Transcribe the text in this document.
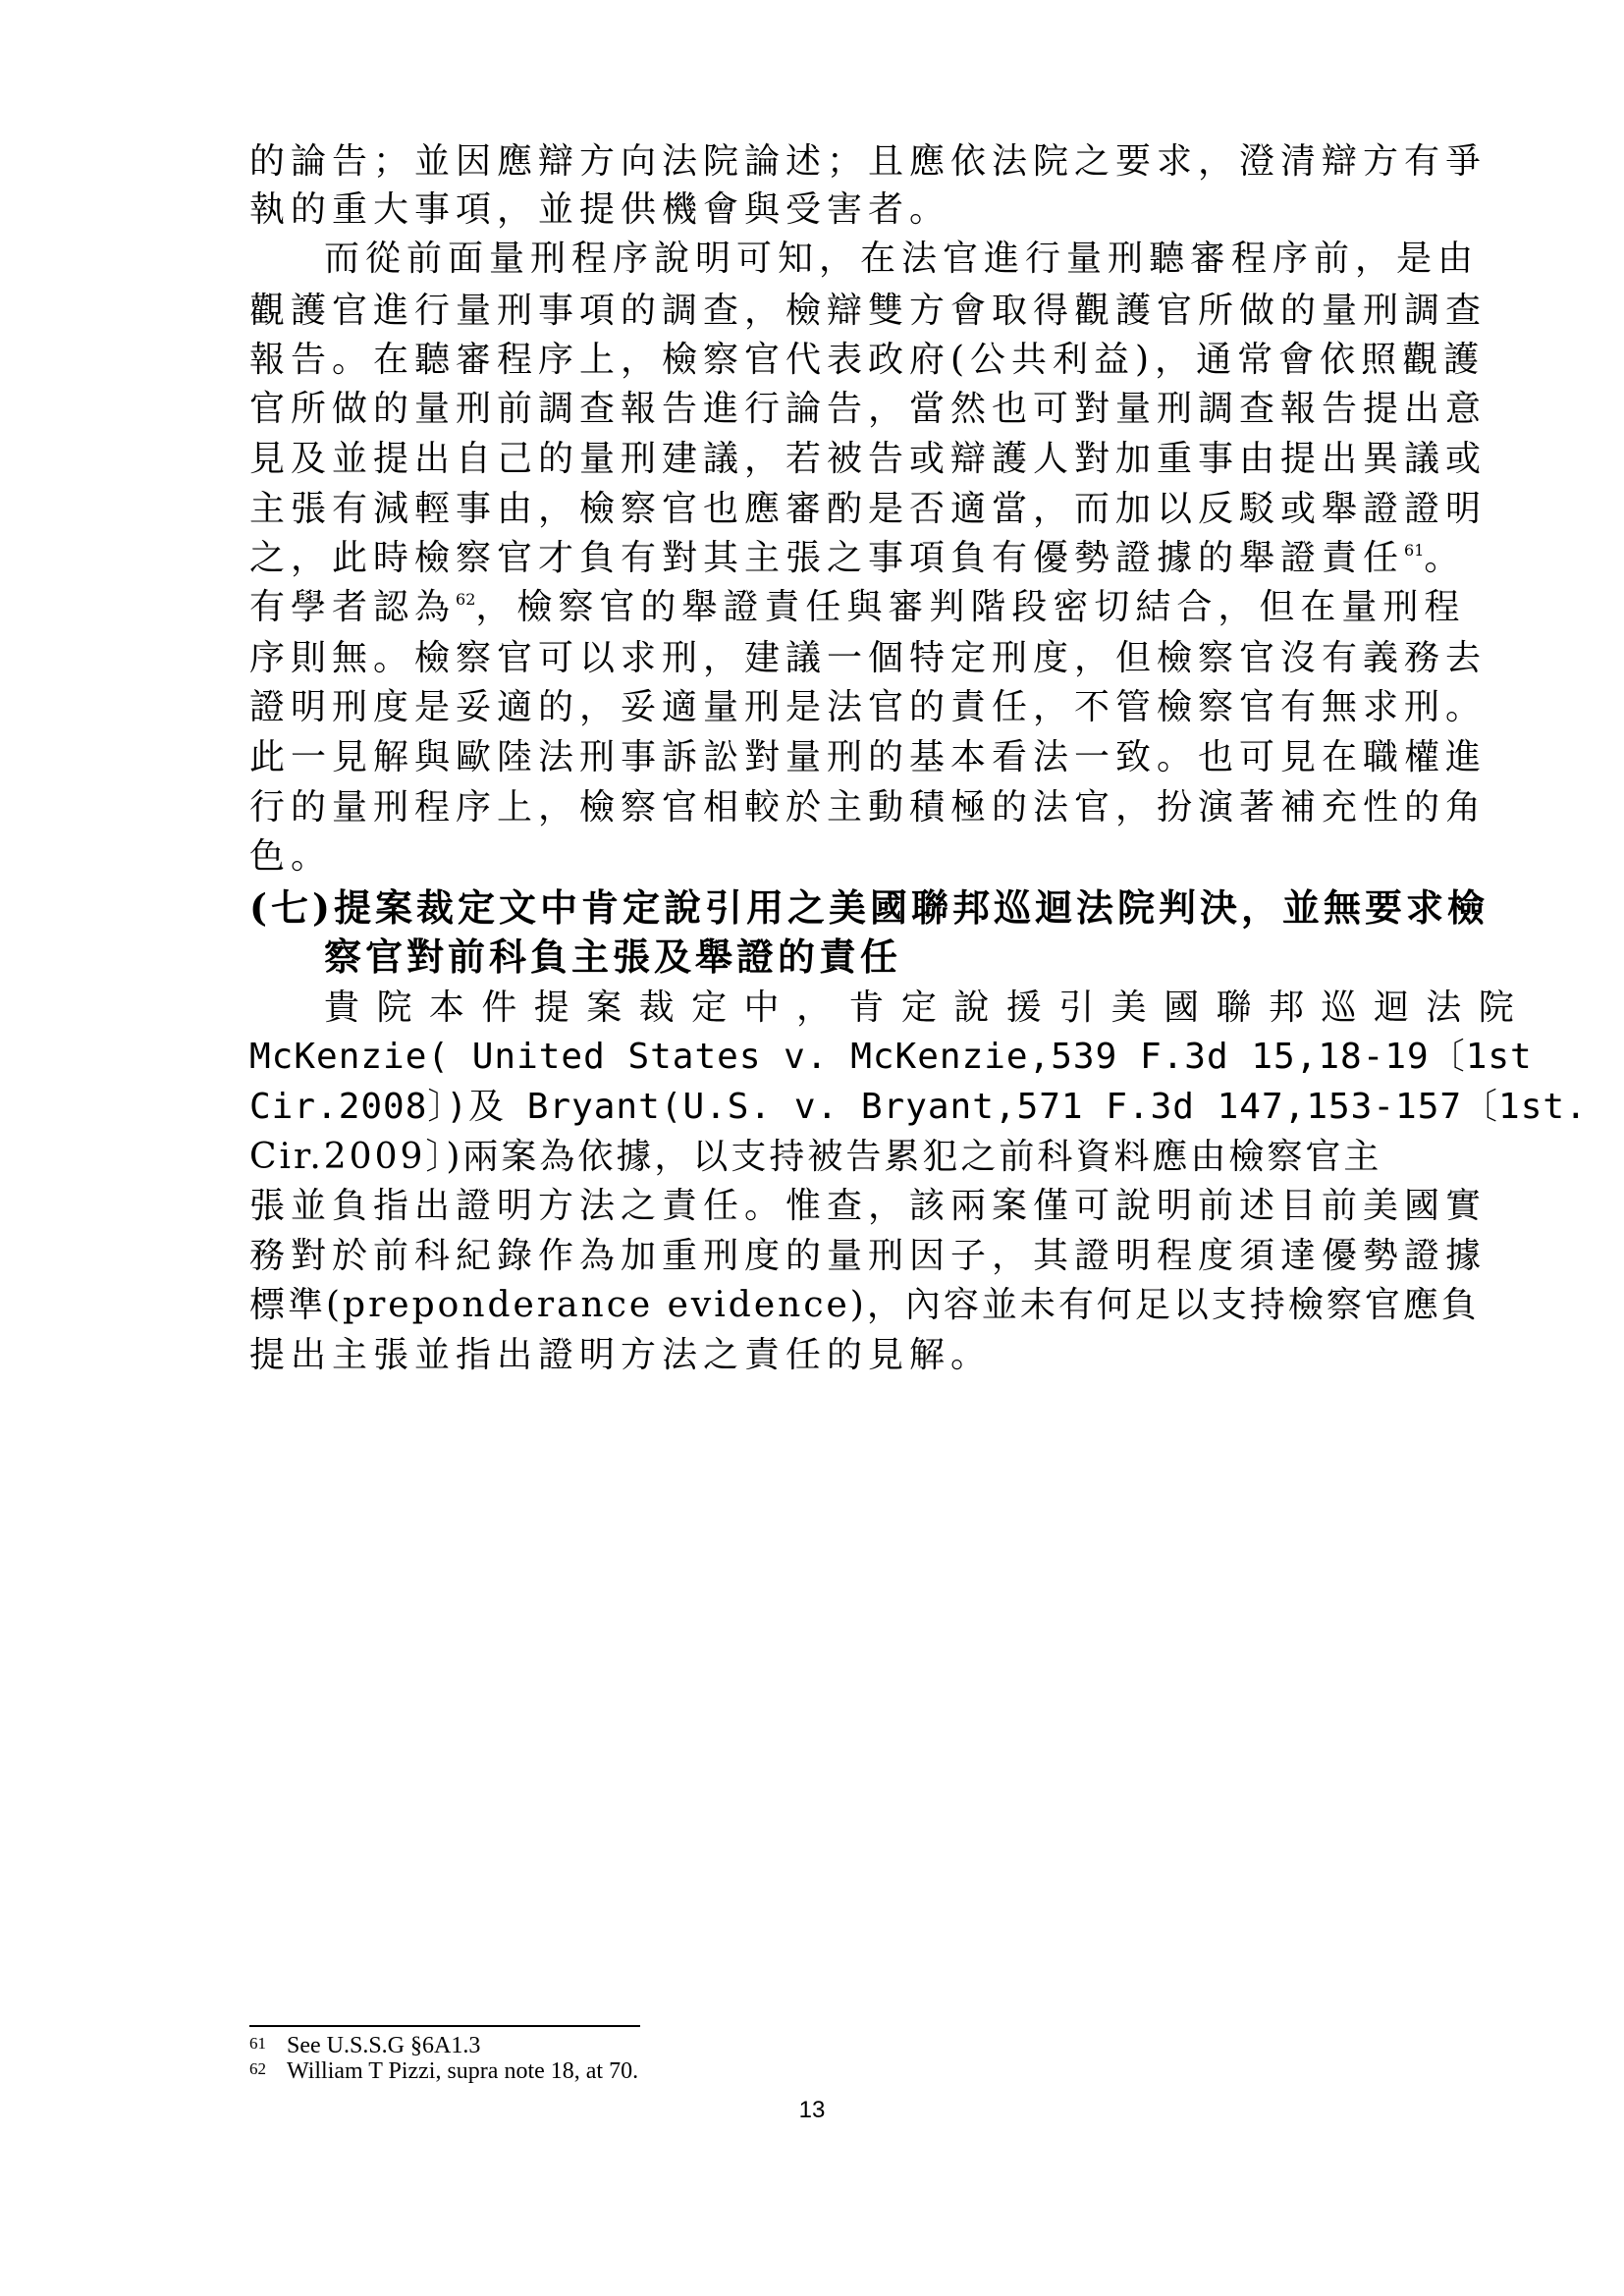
的論告；並因應辯方向法院論述；且應依法院之要求，澄清辯方有爭
執的重大事項，並提供機會與受害者。
而從前面量刑程序說明可知，在法官進行量刑聽審程序前，是由
觀護官進行量刑事項的調查，檢辯雙方會取得觀護官所做的量刑調查
報告。在聽審程序上，檢察官代表政府(公共利益)，通常會依照觀護
官所做的量刑前調查報告進行論告，當然也可對量刑調查報告提出意
見及並提出自己的量刑建議，若被告或辯護人對加重事由提出異議或
主張有減輕事由，檢察官也應審酌是否適當，而加以反駁或舉證證明
之，此時檢察官才負有對其主張之事項負有優勢證據的舉證責任$^{61}$。
有學者認為$^{62}$，檢察官的舉證責任與審判階段密切結合，但在量刑程
序則無。檢察官可以求刑，建議一個特定刑度，但檢察官沒有義務去
證明刑度是妥適的，妥適量刑是法官的責任，不管檢察官有無求刑。
此一見解與歐陸法刑事訴訟對量刑的基本看法一致。也可見在職權進
行的量刑程序上，檢察官相較於主動積極的法官，扮演著補充性的角
色。
(七)提案裁定文中肯定說引用之美國聯邦巡迴法院判決，並無要求檢
察官對前科負主張及舉證的責任
貴 院 本 件 提 案 裁 定 中 ， 肯 定 說 援 引 美 國 聯 邦 巡 迴 法 院
McKenzie( United States v. McKenzie,539 F.3d 15,18-19〔1st
Cir.2008〕)及 Bryant(U.S. v. Bryant,571 F.3d 147,153-157〔1st.
Cir.2009〕)兩案為依據，以支持被告累犯之前科資料應由檢察官主
張並負指出證明方法之責任。惟查，該兩案僅可說明前述目前美國實
務對於前科紀錄作為加重刑度的量刑因子，其證明程度須達優勢證據
標準(preponderance evidence)，內容並未有何足以支持檢察官應負
提出主張並指出證明方法之責任的見解。
61 See U.S.S.G §6A1.3
62 William T Pizzi, supra note 18, at 70.
13
